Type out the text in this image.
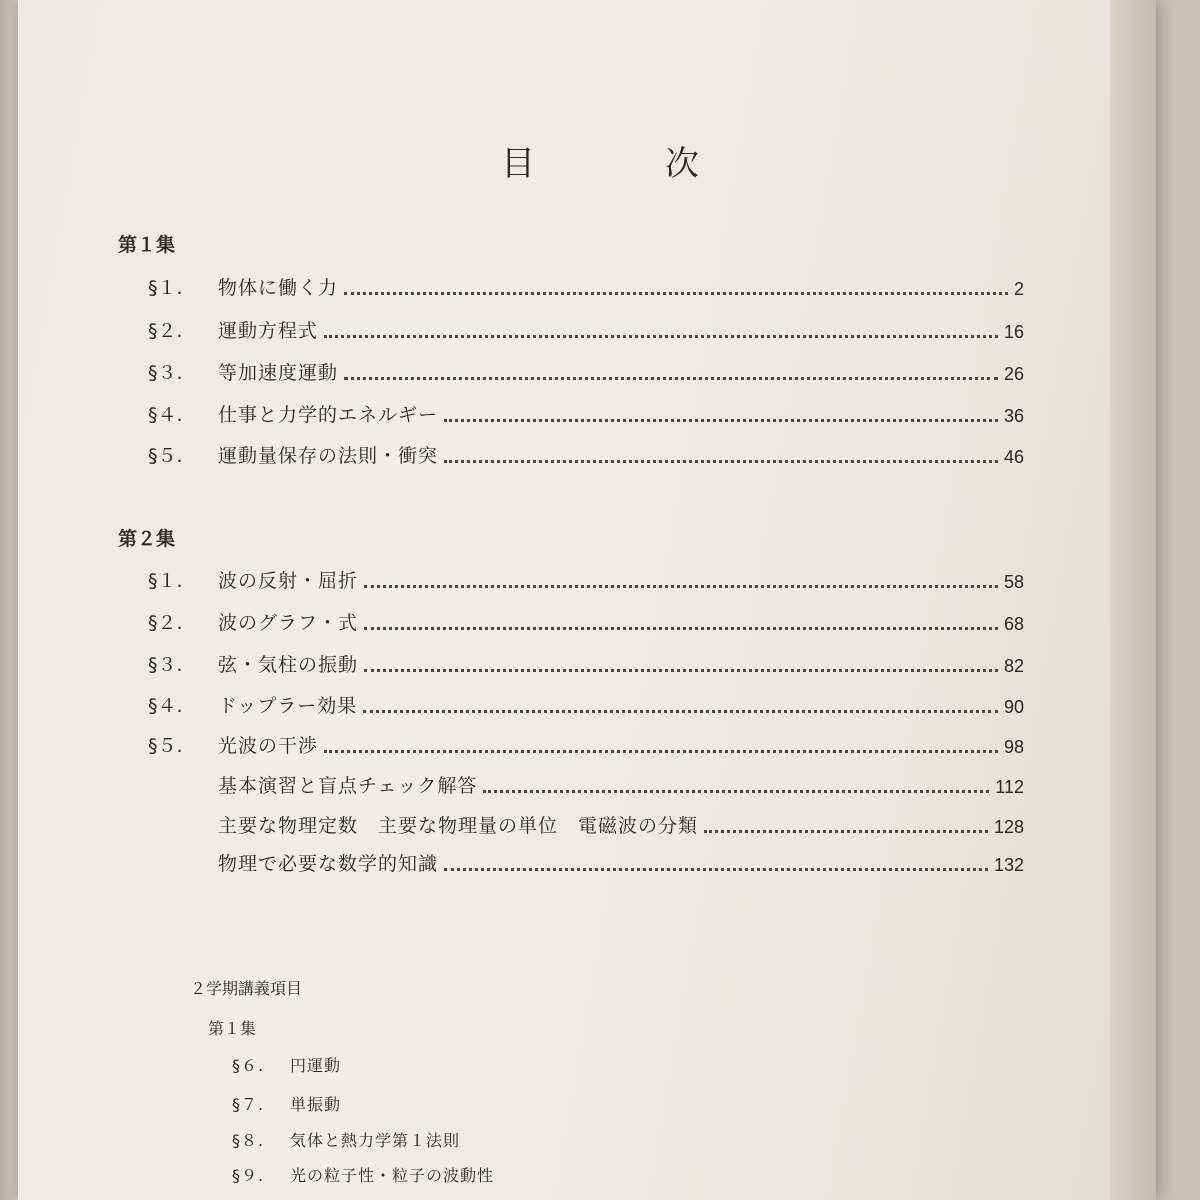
目	次
第１集
§１.	物体に働く力	2
§２.	運動方程式	16
§３.	等加速度運動	26
§４.	仕事と力学的エネルギー	36
§５.	運動量保存の法則・衝突	46
第２集
§１.	波の反射・屈折	58
§２.	波のグラフ・式	68
§３.	弦・気柱の振動	82
§４.	ドップラー効果	90
§５.	光波の干渉	98
基本演習と盲点チェック解答	112
主要な物理定数　主要な物理量の単位　電磁波の分類	128
物理で必要な数学的知識	132
２学期講義項目
第１集
§６. 円運動
§７. 単振動
§８. 気体と熱力学第１法則
§９. 光の粒子性・粒子の波動性
